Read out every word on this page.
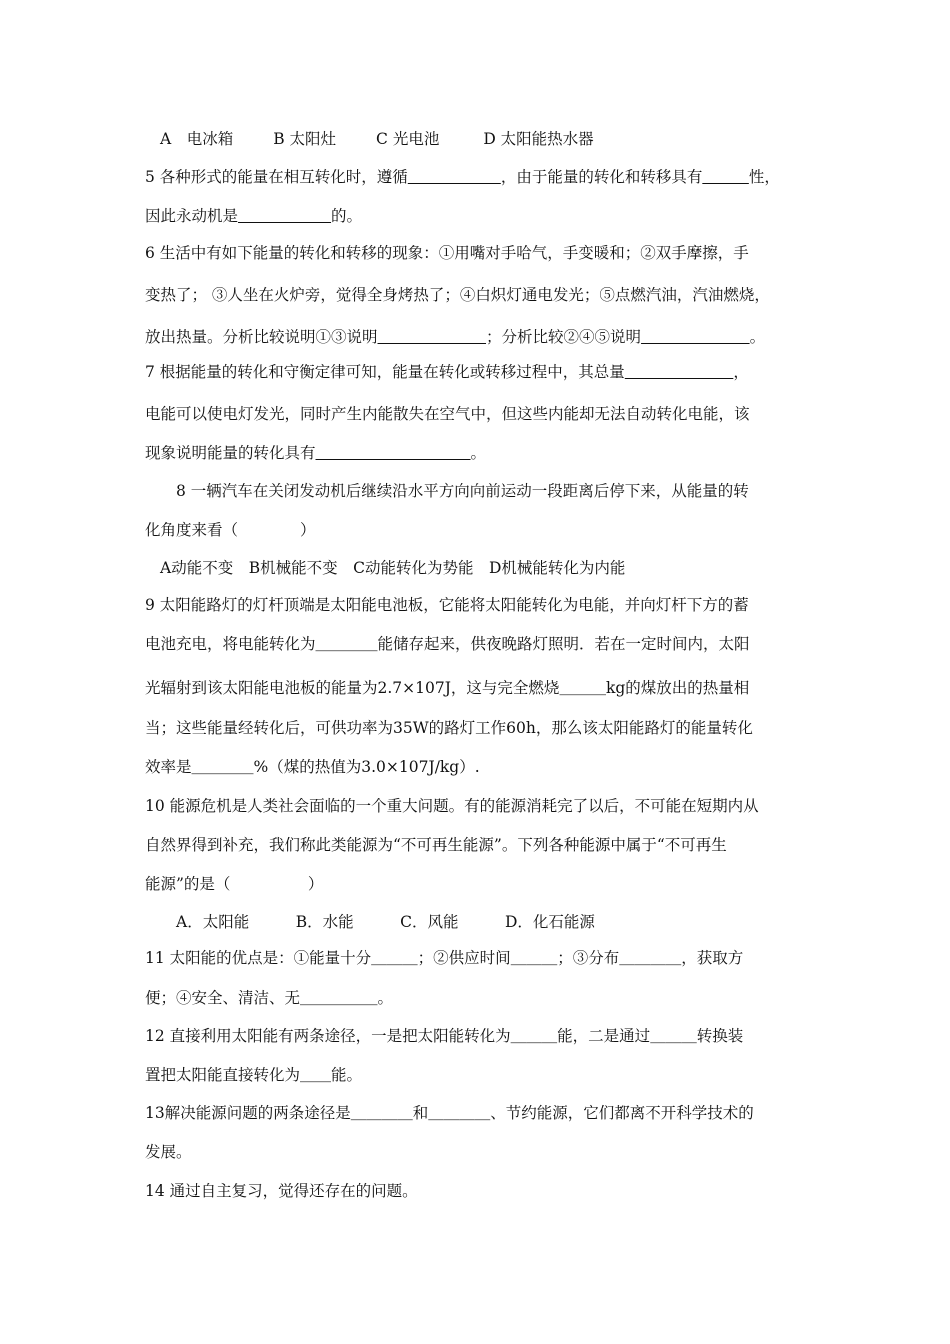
A　电冰箱	B 太阳灶	C 光电池	D 太阳能热水器
5 各种形式的能量在相互转化时，遵循　　　　　　	，由于能量的转化和转移具有　　　	性，
因此永动机是　　　　　　	的。
6 生活中有如下能量的转化和转移的现象：①用嘴对手哈气，手变暖和；②双手摩擦，手
变热了； ③人坐在火炉旁，觉得全身烤热了；④白炽灯通电发光；⑤点燃汽油，汽油燃烧，
放出热量。分析比较说明①③说明　　　　　　　	；分析比较②④⑤说明　　　　　　　	。
7 根据能量的转化和守衡定律可知，能量在转化或转移过程中，其总量　　　　　　　	，
电能可以使电灯发光，同时产生内能散失在空气中，但这些内能却无法自动转化电能，该
现象说明能量的转化具有　　　　　　　　　　	。
8 一辆汽车在关闭发动机后继续沿水平方向向前运动一段距离后停下来，从能量的转
化角度来看（　　　　）
A动能不变　B机械能不变　C动能转化为势能　D机械能转化为内能
9 太阳能路灯的灯杆顶端是太阳能电池板，它能将太阳能转化为电能，并向灯杆下方的蓄
电池充电，将电能转化为＿＿＿＿能储存起来，供夜晚路灯照明．若在一定时间内，太阳
光辐射到该太阳能电池板的能量为2.7×107J，这与完全燃烧＿＿＿kg的煤放出的热量相
当；这些能量经转化后，可供功率为35W的路灯工作60h，那么该太阳能路灯的能量转化
效率是＿＿＿＿%（煤的热值为3.0×107J/kg）.
10 能源危机是人类社会面临的一个重大问题。有的能源消耗完了以后，不可能在短期内从
自然界得到补充，我们称此类能源为“不可再生能源”。下列各种能源中属于“不可再生
能源”的是（　　　　　）
A．太阳能　　　B．水能　　　C．风能　　　D．化石能源
11 太阳能的优点是：①能量十分＿＿＿；②供应时间＿＿＿；③分布＿＿＿＿，获取方
便；④安全、清洁、无＿＿＿＿＿。
12 直接利用太阳能有两条途径，一是把太阳能转化为＿＿＿能，二是通过＿＿＿转换装
置把太阳能直接转化为＿＿能。
13解决能源问题的两条途径是＿＿＿＿和＿＿＿＿、节约能源，它们都离不开科学技术的
发展。
14 通过自主复习，觉得还存在的问题。
